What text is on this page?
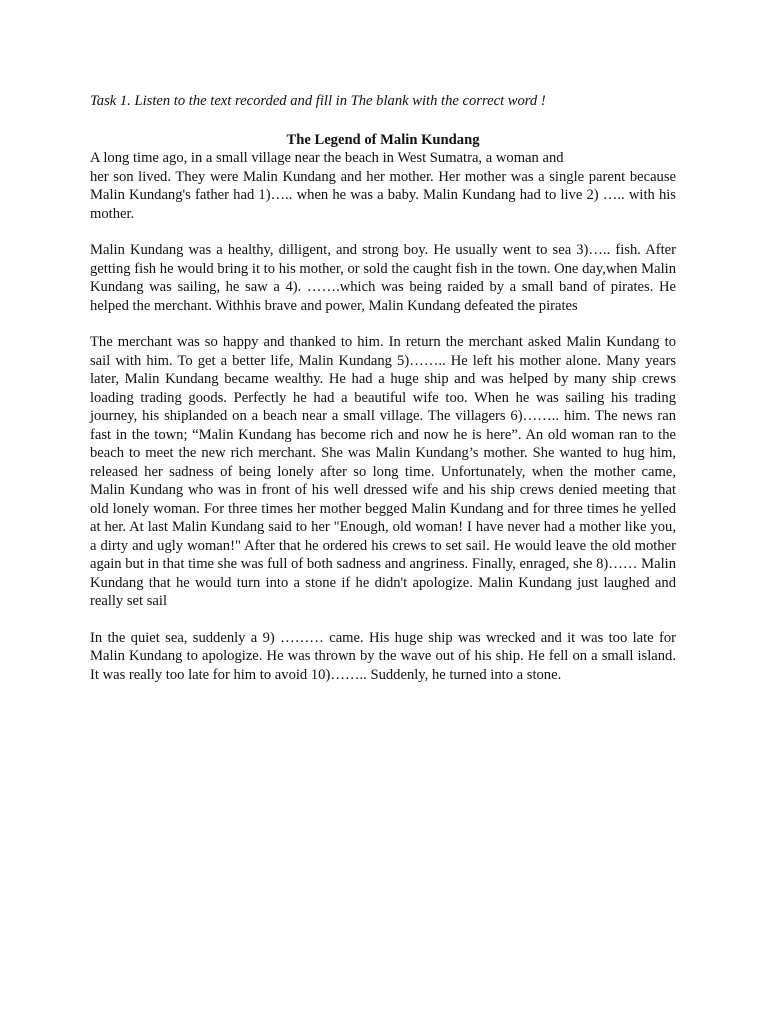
Task 1. Listen to the text recorded and fill in The blank with the correct word !

The Legend of Malin Kundang

A long time ago, in a small village near the beach in West Sumatra, a woman and
her son lived. They were Malin Kundang and her mother. Her mother was a single parent because Malin Kundang's father had 1)….. when he was a baby. Malin Kundang had to live 2) ….. with his mother.

Malin Kundang was a healthy, dilligent, and strong boy. He usually went to sea 3)….. fish. After getting fish he would bring it to his mother, or sold the caught fish in the town. One day,when Malin Kundang was sailing, he saw a 4). …….which was being raided by a small band of pirates. He helped the merchant. Withhis brave and power, Malin Kundang defeated the pirates

The merchant was so happy and thanked to him. In return the merchant asked Malin Kundang to sail with him. To get a better life, Malin Kundang 5)…….. He left his mother alone. Many years later, Malin Kundang became wealthy. He had a huge ship and was helped by many ship crews loading trading goods. Perfectly he had a beautiful wife too. When he was sailing his trading journey, his shiplanded on a beach near a small village. The villagers 6)…….. him. The news ran fast in the town; “Malin Kundang has become rich and now he is here”. An old woman ran to the beach to meet the new rich merchant. She was Malin Kundang’s mother. She wanted to hug him, released her sadness of being lonely after so long time. Unfortunately, when the mother came, Malin Kundang who was in front of his well dressed wife and his ship crews denied meeting that old lonely woman. For three times her mother begged Malin Kundang and for three times he yelled at her. At last Malin Kundang said to her "Enough, old woman! I have never had a mother like you, a dirty and ugly woman!" After that he ordered his crews to set sail. He would leave the old mother again but in that time she was full of both sadness and angriness. Finally, enraged, she 8)…… Malin Kundang that he would turn into a stone if he didn't apologize. Malin Kundang just laughed and really set sail

In the quiet sea, suddenly a 9) ……… came. His huge ship was wrecked and it was too late for Malin Kundang to apologize. He was thrown by the wave out of his ship. He fell on a small island. It was really too late for him to avoid 10)…….. Suddenly, he turned into a stone.
